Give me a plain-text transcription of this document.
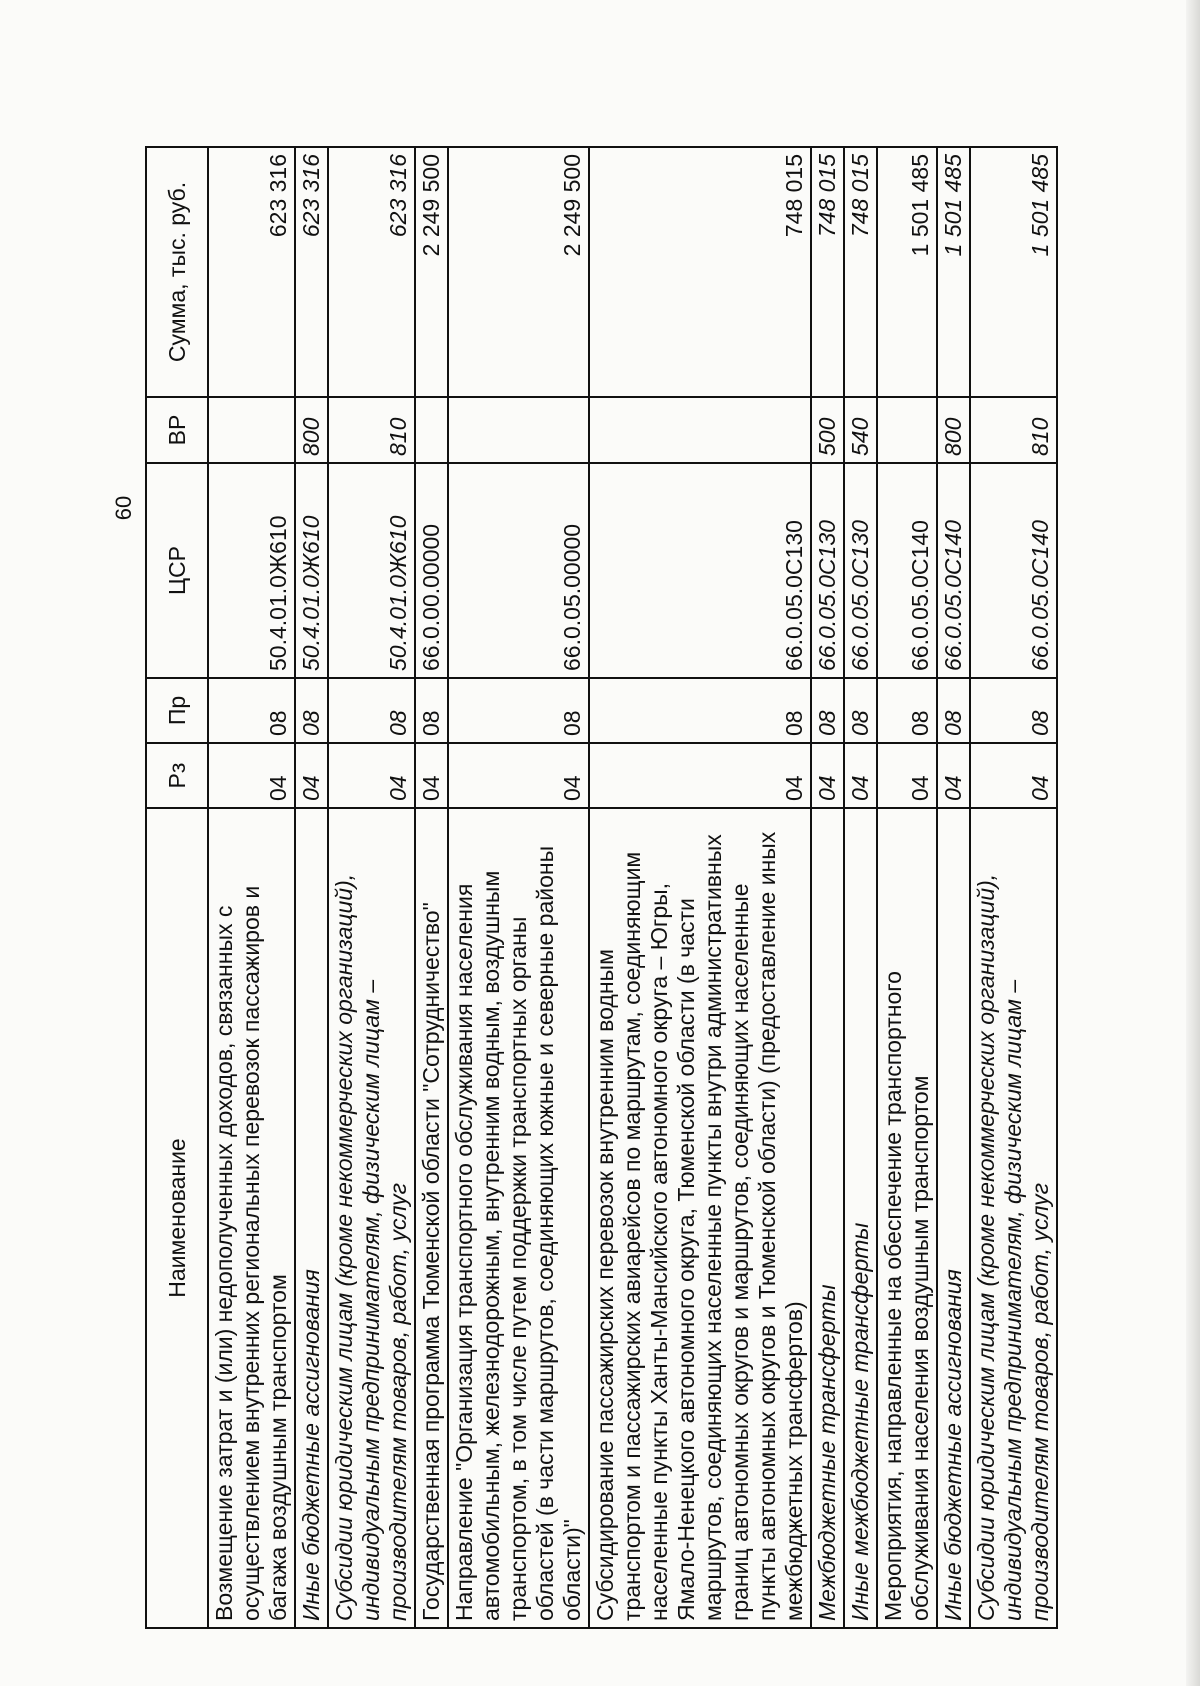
60
Наименование	Рз	Пр	ЦСР	ВР	Сумма, тыс. руб.
Возмещение затрат и (или) недополученных доходов, связанных с осуществлением внутренних региональных перевозок пассажиров и багажа воздушным транспортом	04	08	50.4.01.0Ж610		623 316
Иные бюджетные ассигнования	04	08	50.4.01.0Ж610	800	623 316
Субсидии юридическим лицам (кроме некоммерческих организаций), индивидуальным предпринимателям, физическим лицам – производителям товаров, работ, услуг	04	08	50.4.01.0Ж610	810	623 316
Государственная программа Тюменской области "Сотрудничество"	04	08	66.0.00.00000		2 249 500
Направление "Организация транспортного обслуживания населения автомобильным, железнодорожным, внутренним водным, воздушным транспортом, в том числе путем поддержки транспортных органы областей (в части маршрутов, соединяющих южные и северные районы области)"	04	08	66.0.05.00000		2 249 500
Субсидирование пассажирских перевозок внутренним водным транспортом и пассажирских авиарейсов по маршрутам, соединяющим населенные пункты Ханты-Мансийского автономного округа – Югры, Ямало-Ненецкого автономного округа, Тюменской области (в части маршрутов, соединяющих населенные пункты внутри административных границ автономных округов и маршрутов, соединяющих населенные пункты автономных округов и Тюменской области) (предоставление иных межбюджетных трансфертов)	04	08	66.0.05.0С130		748 015
Межбюджетные трансферты	04	08	66.0.05.0С130	500	748 015
Иные межбюджетные трансферты	04	08	66.0.05.0С130	540	748 015
Мероприятия, направленные на обеспечение транспортного обслуживания населения воздушным транспортом	04	08	66.0.05.0С140		1 501 485
Иные бюджетные ассигнования	04	08	66.0.05.0С140	800	1 501 485
Субсидии юридическим лицам (кроме некоммерческих организаций), индивидуальным предпринимателям, физическим лицам – производителям товаров, работ, услуг	04	08	66.0.05.0С140	810	1 501 485
